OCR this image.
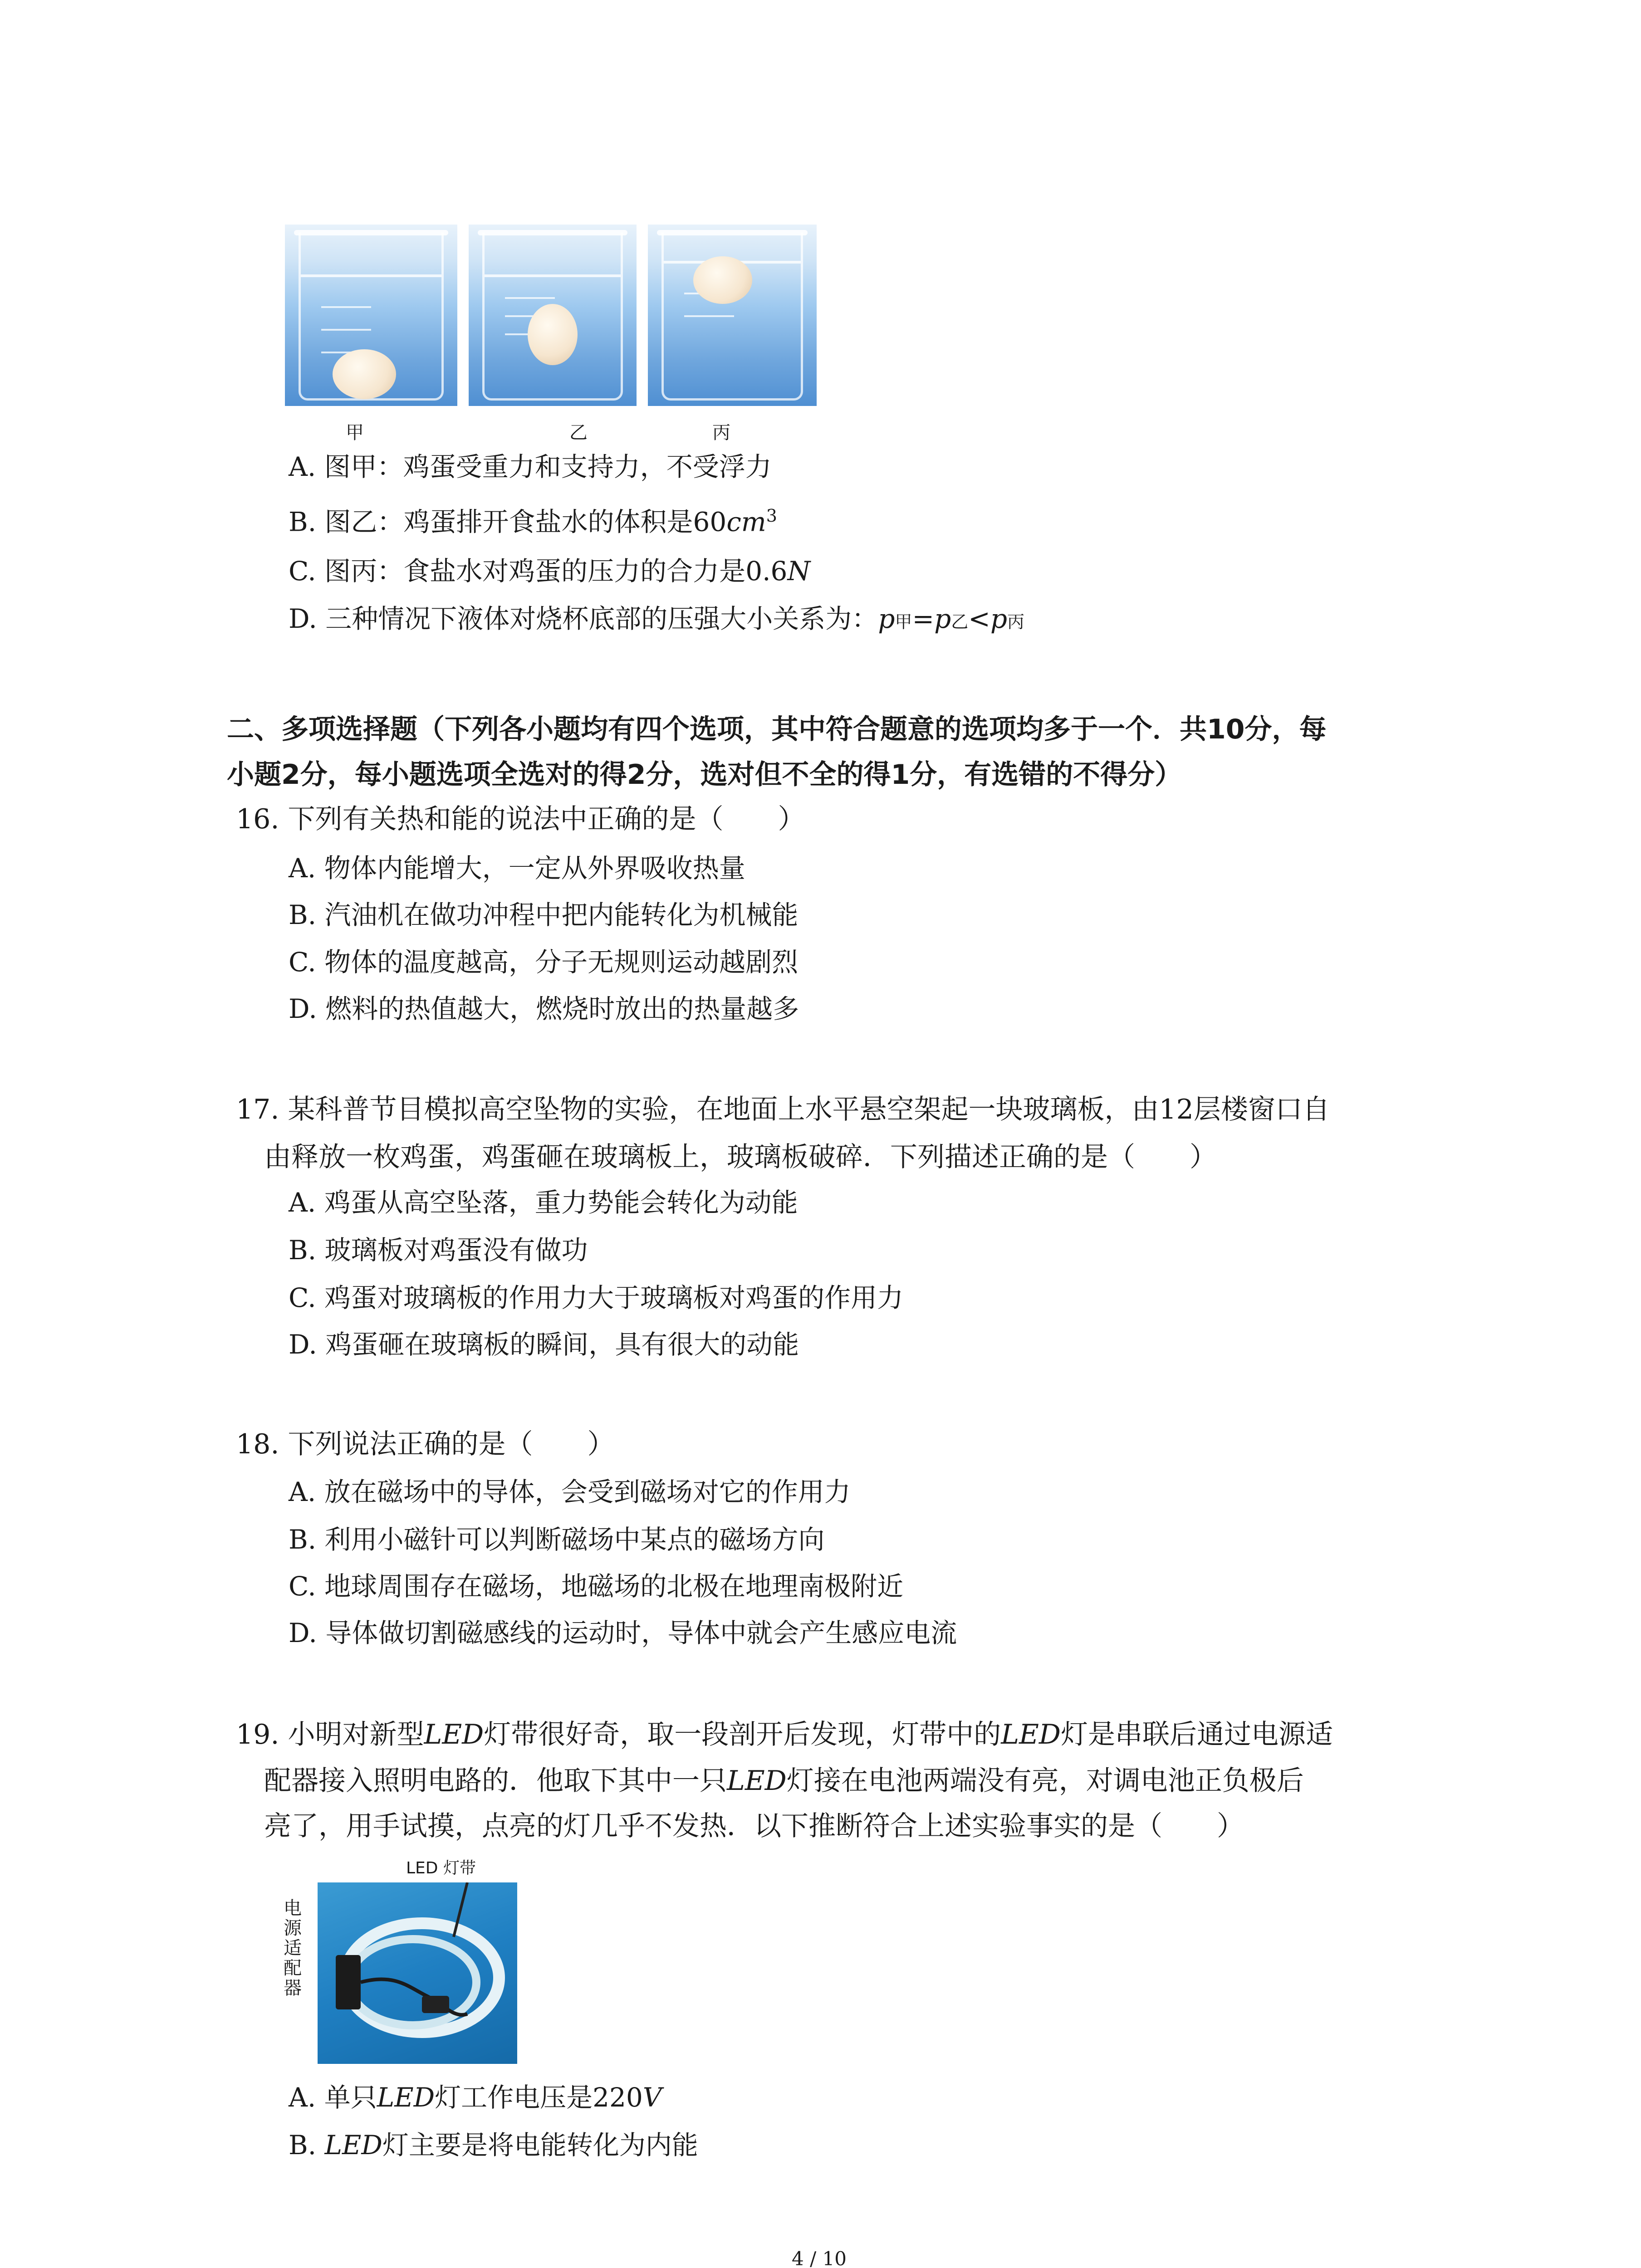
甲	乙	丙
A. 图甲：鸡蛋受重力和支持力，不受浮力
B. 图乙：鸡蛋排开食盐水的体积是$60cm^3$
C. 图丙：食盐水对鸡蛋的压力的合力是0.6N
D. 三种情况下液体对烧杯底部的压强大小关系为：p甲=p乙<p丙
二、多项选择题（下列各小题均有四个选项，其中符合题意的选项均多于一个．共10分，每
小题2分，每小题选项全选对的得2分，选对但不全的得1分，有选错的不得分）
16. 下列有关热和能的说法中正确的是（　　）
A. 物体内能增大，一定从外界吸收热量
B. 汽油机在做功冲程中把内能转化为机械能
C. 物体的温度越高，分子无规则运动越剧烈
D. 燃料的热值越大，燃烧时放出的热量越多
17. 某科普节目模拟高空坠物的实验，在地面上水平悬空架起一块玻璃板，由12层楼窗口自
由释放一枚鸡蛋，鸡蛋砸在玻璃板上，玻璃板破碎．下列描述正确的是（　　）
A. 鸡蛋从高空坠落，重力势能会转化为动能
B. 玻璃板对鸡蛋没有做功
C. 鸡蛋对玻璃板的作用力大于玻璃板对鸡蛋的作用力
D. 鸡蛋砸在玻璃板的瞬间，具有很大的动能
18. 下列说法正确的是（　　）
A. 放在磁场中的导体，会受到磁场对它的作用力
B. 利用小磁针可以判断磁场中某点的磁场方向
C. 地球周围存在磁场，地磁场的北极在地理南极附近
D. 导体做切割磁感线的运动时，导体中就会产生感应电流
19. 小明对新型LED灯带很好奇，取一段剖开后发现，灯带中的LED灯是串联后通过电源适
配器接入照明电路的．他取下其中一只LED灯接在电池两端没有亮，对调电池正负极后
亮了，用手试摸，点亮的灯几乎不发热．以下推断符合上述实验事实的是（　　）
LED 灯带
电
源
适
配
器
A. 单只LED灯工作电压是220V
B. LED灯主要是将电能转化为内能
4 / 10
